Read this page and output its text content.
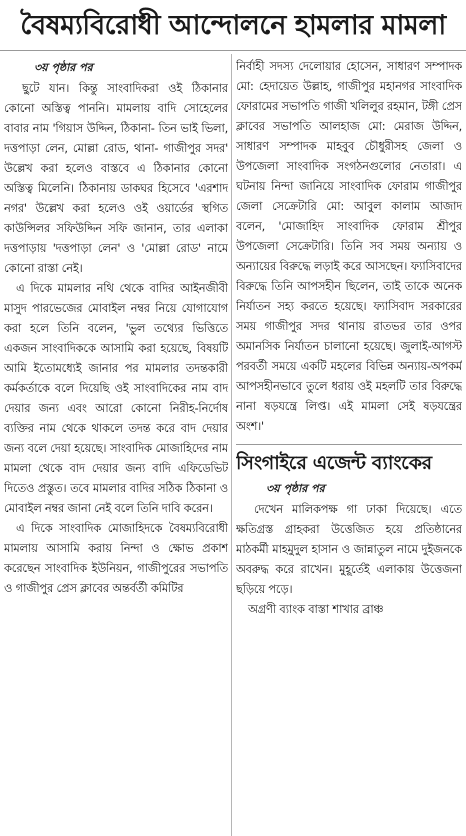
বৈষম্যবিরোধী আন্দোলনে হামলার মামলা
৩য় পৃষ্ঠার পর

ছুটে যান। কিন্তু সাংবাদিকরা ওই ঠিকানার কোনো অস্তিত্ব পাননি। মামলায় বাদি সোহেলের বাবার নাম 'গিয়াস উদ্দিন, ঠিকানা- তিন ভাই ভিলা, দত্তপাড়া লেন, মোল্লা রোড, থানা- গাজীপুর সদর' উল্লেখ করা হলেও বাস্তবে এ ঠিকানার কোনো অস্তিত্ব মিলেনি। ঠিকানায় ডাকঘর হিসেবে 'এরশাদ নগর' উল্লেখ করা হলেও ওই ওয়ার্ডের স্থগিত কাউন্সিলর সফিউদ্দিন সফি জানান, তার এলাকা দত্তপাড়ায় 'দত্তপাড়া লেন' ও 'মোল্লা রোড' নামে কোনো রাস্তা নেই।

এ দিকে মামলার নথি থেকে বাদির আইনজীবী মাসুদ পারভেজের মোবাইল নম্বর নিয়ে যোগাযোগ করা হলে তিনি বলেন, 'ভুল তথ্যের ভিত্তিতে একজন সাংবাদিককে আসামি করা হয়েছে, বিষয়টি আমি ইতোমধ্যেই জানার পর মামলার তদন্তকারী কর্মকর্তাকে বলে দিয়েছি ওই সাংবাদিকের নাম বাদ দেয়ার জন্য এবং আরো কোনো নিরীহ-নির্দোষ ব্যক্তির নাম থেকে থাকলে তদন্ত করে বাদ দেয়ার জন্য বলে দেয়া হয়েছে। সাংবাদিক মোজাহিদের নাম মামলা থেকে বাদ দেয়ার জন্য বাদি এফিডেভিট দিতেও প্রস্তুত। তবে মামলার বাদির সঠিক ঠিকানা ও মোবাইল নম্বর জানা নেই বলে তিনি দাবি করেন।

এ দিকে সাংবাদিক মোজাহিদকে বৈষম্যবিরোধী মামলায় আসামি করায় নিন্দা ও ক্ষোভ প্রকাশ করেছেন সাংবাদিক ইউনিয়ন, গাজীপুরের সভাপতি ও গাজীপুর প্রেস ক্লাবের অন্তর্বর্তী কমিটির

নির্বাহী সদস্য দেলোয়ার হোসেন, সাধারণ সম্পাদক মো: হেদায়েত উল্লাহ, গাজীপুর মহানগর সাংবাদিক ফোরামের সভাপতি গাজী খলিলুর রহমান, টঙ্গী প্রেস ক্লাবের সভাপতি আলহাজ মো: মেরাজ উদ্দিন, সাধারণ সম্পাদক মাহবুব চৌধুরীসহ জেলা ও উপজেলা সাংবাদিক সংগঠনগুলোর নেতারা। এ ঘটনায় নিন্দা জানিয়ে সাংবাদিক ফোরাম গাজীপুর জেলা সেক্রেটারি মো: আবুল কালাম আজাদ বলেন, 'মোজাহিদ সাংবাদিক ফোরাম শ্রীপুর উপজেলা সেক্রেটারি। তিনি সব সময় অন্যায় ও অন্যায়ের বিরুদ্ধে লড়াই করে আসছেন। ফ্যাসিবাদের বিরুদ্ধে তিনি আপসহীন ছিলেন, তাই তাকে অনেক নির্যাতন সহ্য করতে হয়েছে। ফ্যাসিবাদ সরকারের সময় গাজীপুর সদর থানায় রাতভর তার ওপর অমানসিক নির্যাতন চালানো হয়েছে। জুলাই-আগস্ট পরবর্তী সময়ে একটি মহলের বিভিন্ন অন্যায়-অপকর্ম আপসহীনভাবে তুলে ধরায় ওই মহলটি তার বিরুদ্ধে নানা ষড়যন্ত্রে লিপ্ত। এই মামলা সেই ষড়যন্ত্রের অংশ।'

সিংগাইরে এজেন্ট ব্যাংকের
৩য় পৃষ্ঠার পর

দেখেন মালিকপক্ষ গা ঢাকা দিয়েছে। এতে ক্ষতিগ্রস্ত গ্রাহকরা উত্তেজিত হয়ে প্রতিষ্ঠানের মাঠকর্মী মাহমুদুল হাসান ও জান্নাতুল নামে দুইজনকে অবরুদ্ধ করে রাখেন। মুহূর্তেই এলাকায় উত্তেজনা ছড়িয়ে পড়ে।

অগ্রণী ব্যাংক বাস্তা শাখার ব্রাঞ্চ
